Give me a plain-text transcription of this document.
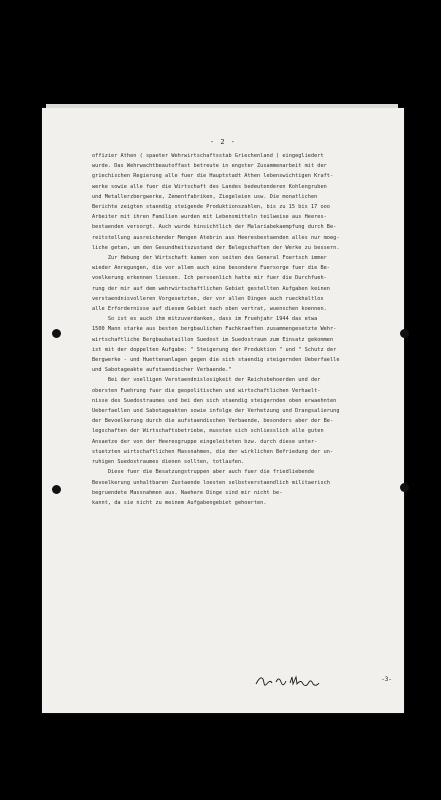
- 2 -

offizier Athen ( spaeter Wehrwirtschaftsstab Griechenland ) eingegliedert

wurde. Das Wehrwachtbeautoffast betreute in engster Zusammenarbeit mit der

griechischen Regierung alle fuer die Hauptstadt Athen lebenswichtigen Kraft-

werke sowie alle fuer die Wirtschaft des Landes bedeutenderen Kohlengruben

und Metallerzbergwerke, Zementfabriken, Ziegeleien usw. Die monatlichen

Berichte zeigten staendig steigende Produktionszahlen, bis zu 15 bis 17 ooo

Arbeiter mit ihren Familien wurden mit Lebensmitteln teilweise aus Heeres-

bestaenden versorgt. Auch wurde hinsichtlich der Malariabekaempfung durch Be-

reitstellung ausreichender Mengen Atebrin aus Heeresbestaenden alles nur moeg-

liche getan, um den Gesundheitszustand der Belegschaften der Werke zu bessern.

Zur Hebung der Wirtschaft kamen von seiten des General Foertsch immer

wieder Anregungen, die vor allem auch eine besondere Fuersorge fuer die Be-

voelkerung erkennen liessen. Ich persoenlich hatte mir fuer die Durchfueh-

rung der mir auf dem wehrwirtschaftlichen Gebiet gestellten Aufgaben keinen

verstaendnisvolleren Vorgesetzten, der vor allen Dingen auch rueckhaltlos

alle Erfordernisse auf diesem Gebiet nach oben vertrat, wuenschen koennen.

So ist es auch ihm mitzuverdanken, dass im Fruehjahr 1944 das etwa

1500 Mann starke aus besten bergbaulichen Fachkraeften zusammengesetzte Wehr-

wirtschaftliche Bergbaubataillon Suedost im Suedostraum zum Einsatz gekommen

ist mit der doppelten Aufgabe: " Steigerung der Produktion " und " Schutz der

Bergwerke - und Huettenanlagen gegen die sich staendig steigernden Ueberfaelle

und Sabotageakte aufstaendischer Verbaende."

Bei der voelligen Verstaendnislosigkeit der Reichsbehoerden und der

obersten Fuehrung fuer die geopolitischen und wirtschaftlichen Verhaelt-

nisse des Suedostraumes und bei den sich staendig steigernden oben erwaehnten

Ueberfaellen und Sabotageakten sowie infolge der Verhetzung und Drangsalierung

der Bevoelkerung durch die aufstaendischen Verbaende, besonders aber der Be-

legschaften der Wirtschaftsbetriebe, mussten sich schliesslich alle guten

Ansaetze der von der Heeresgruppe eingeleiteten bzw. durch diese unter-

stuetzten wirtschaftlichen Massnahmen, die der wirklichen Befriedung der un-

ruhigen Suedostraumes dienen sollten, totlaufen.

Diese fuer die Besatzungstruppen aber auch fuer die friedliebende

Bevoelkerung unhaltbaren Zustaende loesten selbstverstaendlich militaerisch

begruendete Massnahmen aus. Naehere Dinge sind mir nicht be-

kannt, da sie nicht zu meinem Aufgabengebiet gehoerten.

-3-
